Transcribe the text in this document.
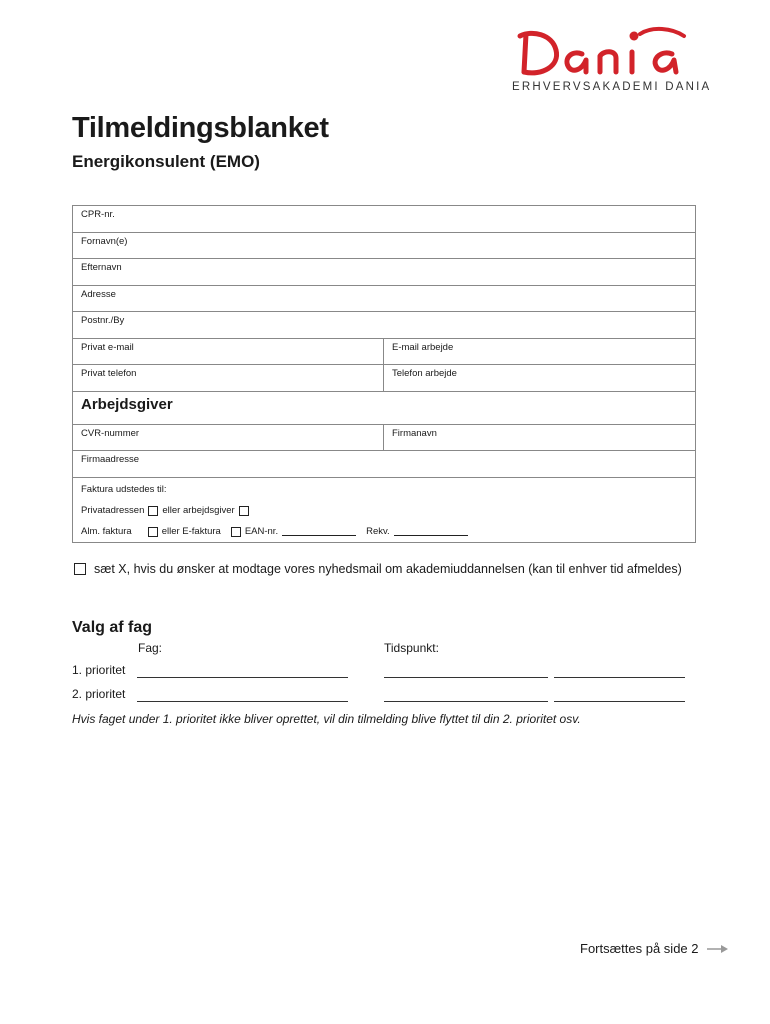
ERHVERVSAKADEMI DANIA
Tilmeldingsblanket
Energikonsulent (EMO)
CPR-nr.
Fornavn(e)
Efternavn
Adresse
Postnr./By
Privat e-mail	E-mail arbejde
Privat telefon	Telefon arbejde
Arbejdsgiver
CVR-nummer	Firmanavn
Firmaadresse
Faktura udstedes til:
Privatadressen eller arbejdsgiver
Alm. faktura	eller E-faktura	EAN-nr.	Rekv.
sæt X, hvis du ønsker at modtage vores nyhedsmail om akademiuddannelsen (kan til enhver tid afmeldes)
Valg af fag
Fag:	Tidspunkt:
1. prioritet
2. prioritet
Hvis faget under 1. prioritet ikke bliver oprettet, vil din tilmelding blive flyttet til din 2. prioritet osv.
Fortsættes på side 2
